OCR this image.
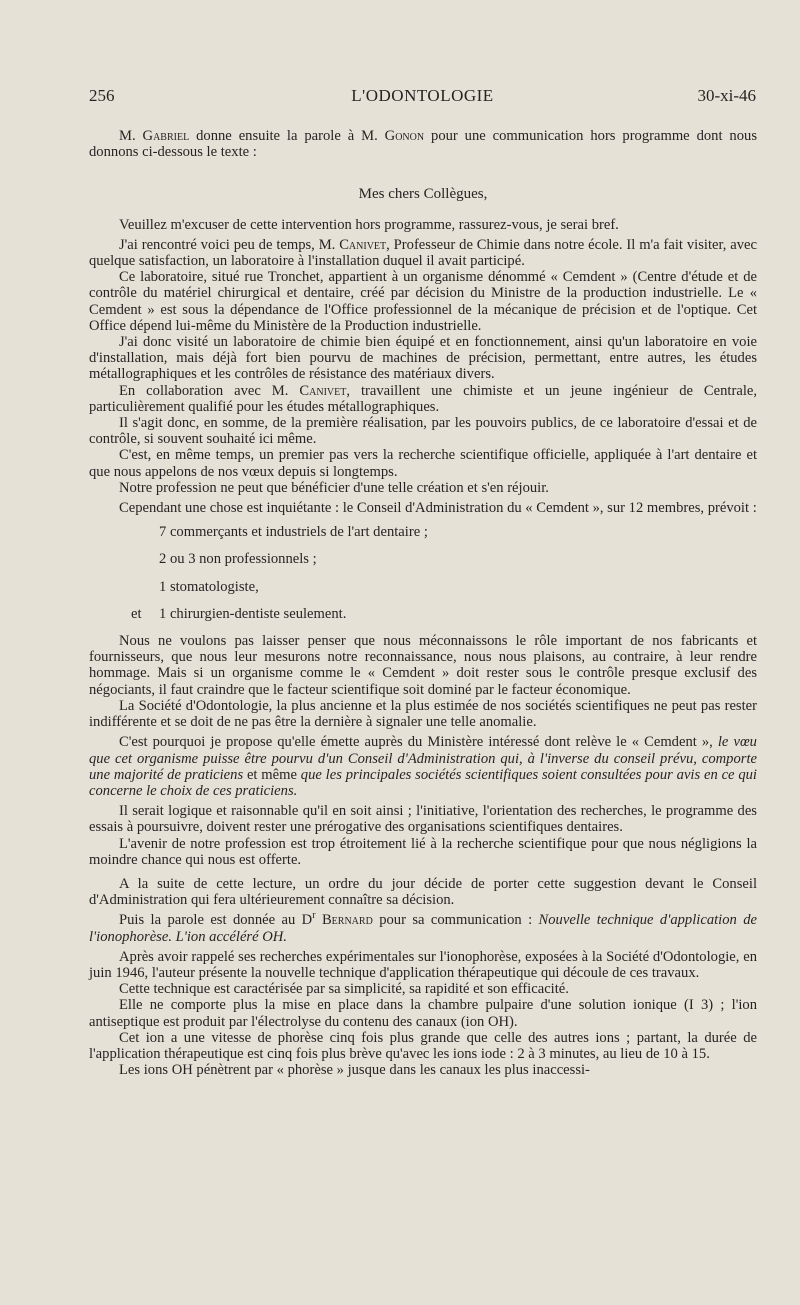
256	L'ODONTOLOGIE	30-xi-46

M. Gabriel donne ensuite la parole à M. Gonon pour une communication hors programme dont nous donnons ci-dessous le texte :

Mes chers Collègues,

Veuillez m'excuser de cette intervention hors programme, rassurez-vous, je serai bref.

J'ai rencontré voici peu de temps, M. Canivet, Professeur de Chimie dans notre école. Il m'a fait visiter, avec quelque satisfaction, un laboratoire à l'installation duquel il avait participé.

Ce laboratoire, situé rue Tronchet, appartient à un organisme dénommé « Cemdent » (Centre d'étude et de contrôle du matériel chirurgical et dentaire, créé par décision du Ministre de la production industrielle. Le « Cemdent » est sous la dépendance de l'Office professionnel de la mécanique de précision et de l'optique. Cet Office dépend lui-même du Ministère de la Production industrielle.

J'ai donc visité un laboratoire de chimie bien équipé et en fonctionnement, ainsi qu'un laboratoire en voie d'installation, mais déjà fort bien pourvu de machines de précision, permettant, entre autres, les études métallographiques et les contrôles de résistance des matériaux divers.

En collaboration avec M. Canivet, travaillent une chimiste et un jeune ingénieur de Centrale, particulièrement qualifié pour les études métallographiques.

Il s'agit donc, en somme, de la première réalisation, par les pouvoirs publics, de ce laboratoire d'essai et de contrôle, si souvent souhaité ici même.

C'est, en même temps, un premier pas vers la recherche scientifique officielle, appliquée à l'art dentaire et que nous appelons de nos vœux depuis si longtemps.

Notre profession ne peut que bénéficier d'une telle création et s'en réjouir.

Cependant une chose est inquiétante : le Conseil d'Administration du « Cemdent », sur 12 membres, prévoit :

7 commerçants et industriels de l'art dentaire ;
2 ou 3 non professionnels ;
1 stomatologiste,
et 1 chirurgien-dentiste seulement.

Nous ne voulons pas laisser penser que nous méconnaissons le rôle important de nos fabricants et fournisseurs, que nous leur mesurons notre reconnaissance, nous nous plaisons, au contraire, à leur rendre hommage. Mais si un organisme comme le « Cemdent » doit rester sous le contrôle presque exclusif des négociants, il faut craindre que le facteur scientifique soit dominé par le facteur économique.

La Société d'Odontologie, la plus ancienne et la plus estimée de nos sociétés scientifiques ne peut pas rester indifférente et se doit de ne pas être la dernière à signaler une telle anomalie.

C'est pourquoi je propose qu'elle émette auprès du Ministère intéressé dont relève le « Cemdent », le vœu que cet organisme puisse être pourvu d'un Conseil d'Administration qui, à l'inverse du conseil prévu, comporte une majorité de praticiens et même que les principales sociétés scientifiques soient consultées pour avis en ce qui concerne le choix de ces praticiens.

Il serait logique et raisonnable qu'il en soit ainsi ; l'initiative, l'orientation des recherches, le programme des essais à poursuivre, doivent rester une prérogative des organisations scientifiques dentaires.

L'avenir de notre profession est trop étroitement lié à la recherche scientifique pour que nous négligions la moindre chance qui nous est offerte.

A la suite de cette lecture, un ordre du jour décide de porter cette suggestion devant le Conseil d'Administration qui fera ultérieurement connaître sa décision.

Puis la parole est donnée au $D^r$ Bernard pour sa communication : Nouvelle technique d'application de l'ionophorèse. L'ion accéléré OH.

Après avoir rappelé ses recherches expérimentales sur l'ionophorèse, exposées à la Société d'Odontologie, en juin 1946, l'auteur présente la nouvelle technique d'application thérapeutique qui découle de ces travaux.

Cette technique est caractérisée par sa simplicité, sa rapidité et son efficacité.

Elle ne comporte plus la mise en place dans la chambre pulpaire d'une solution ionique (I 3) ; l'ion antiseptique est produit par l'électrolyse du contenu des canaux (ion OH).

Cet ion a une vitesse de phorèse cinq fois plus grande que celle des autres ions ; partant, la durée de l'application thérapeutique est cinq fois plus brève qu'avec les ions iode : 2 à 3 minutes, au lieu de 10 à 15.

Les ions OH pénètrent par « phorèse » jusque dans les canaux les plus inaccessi-
